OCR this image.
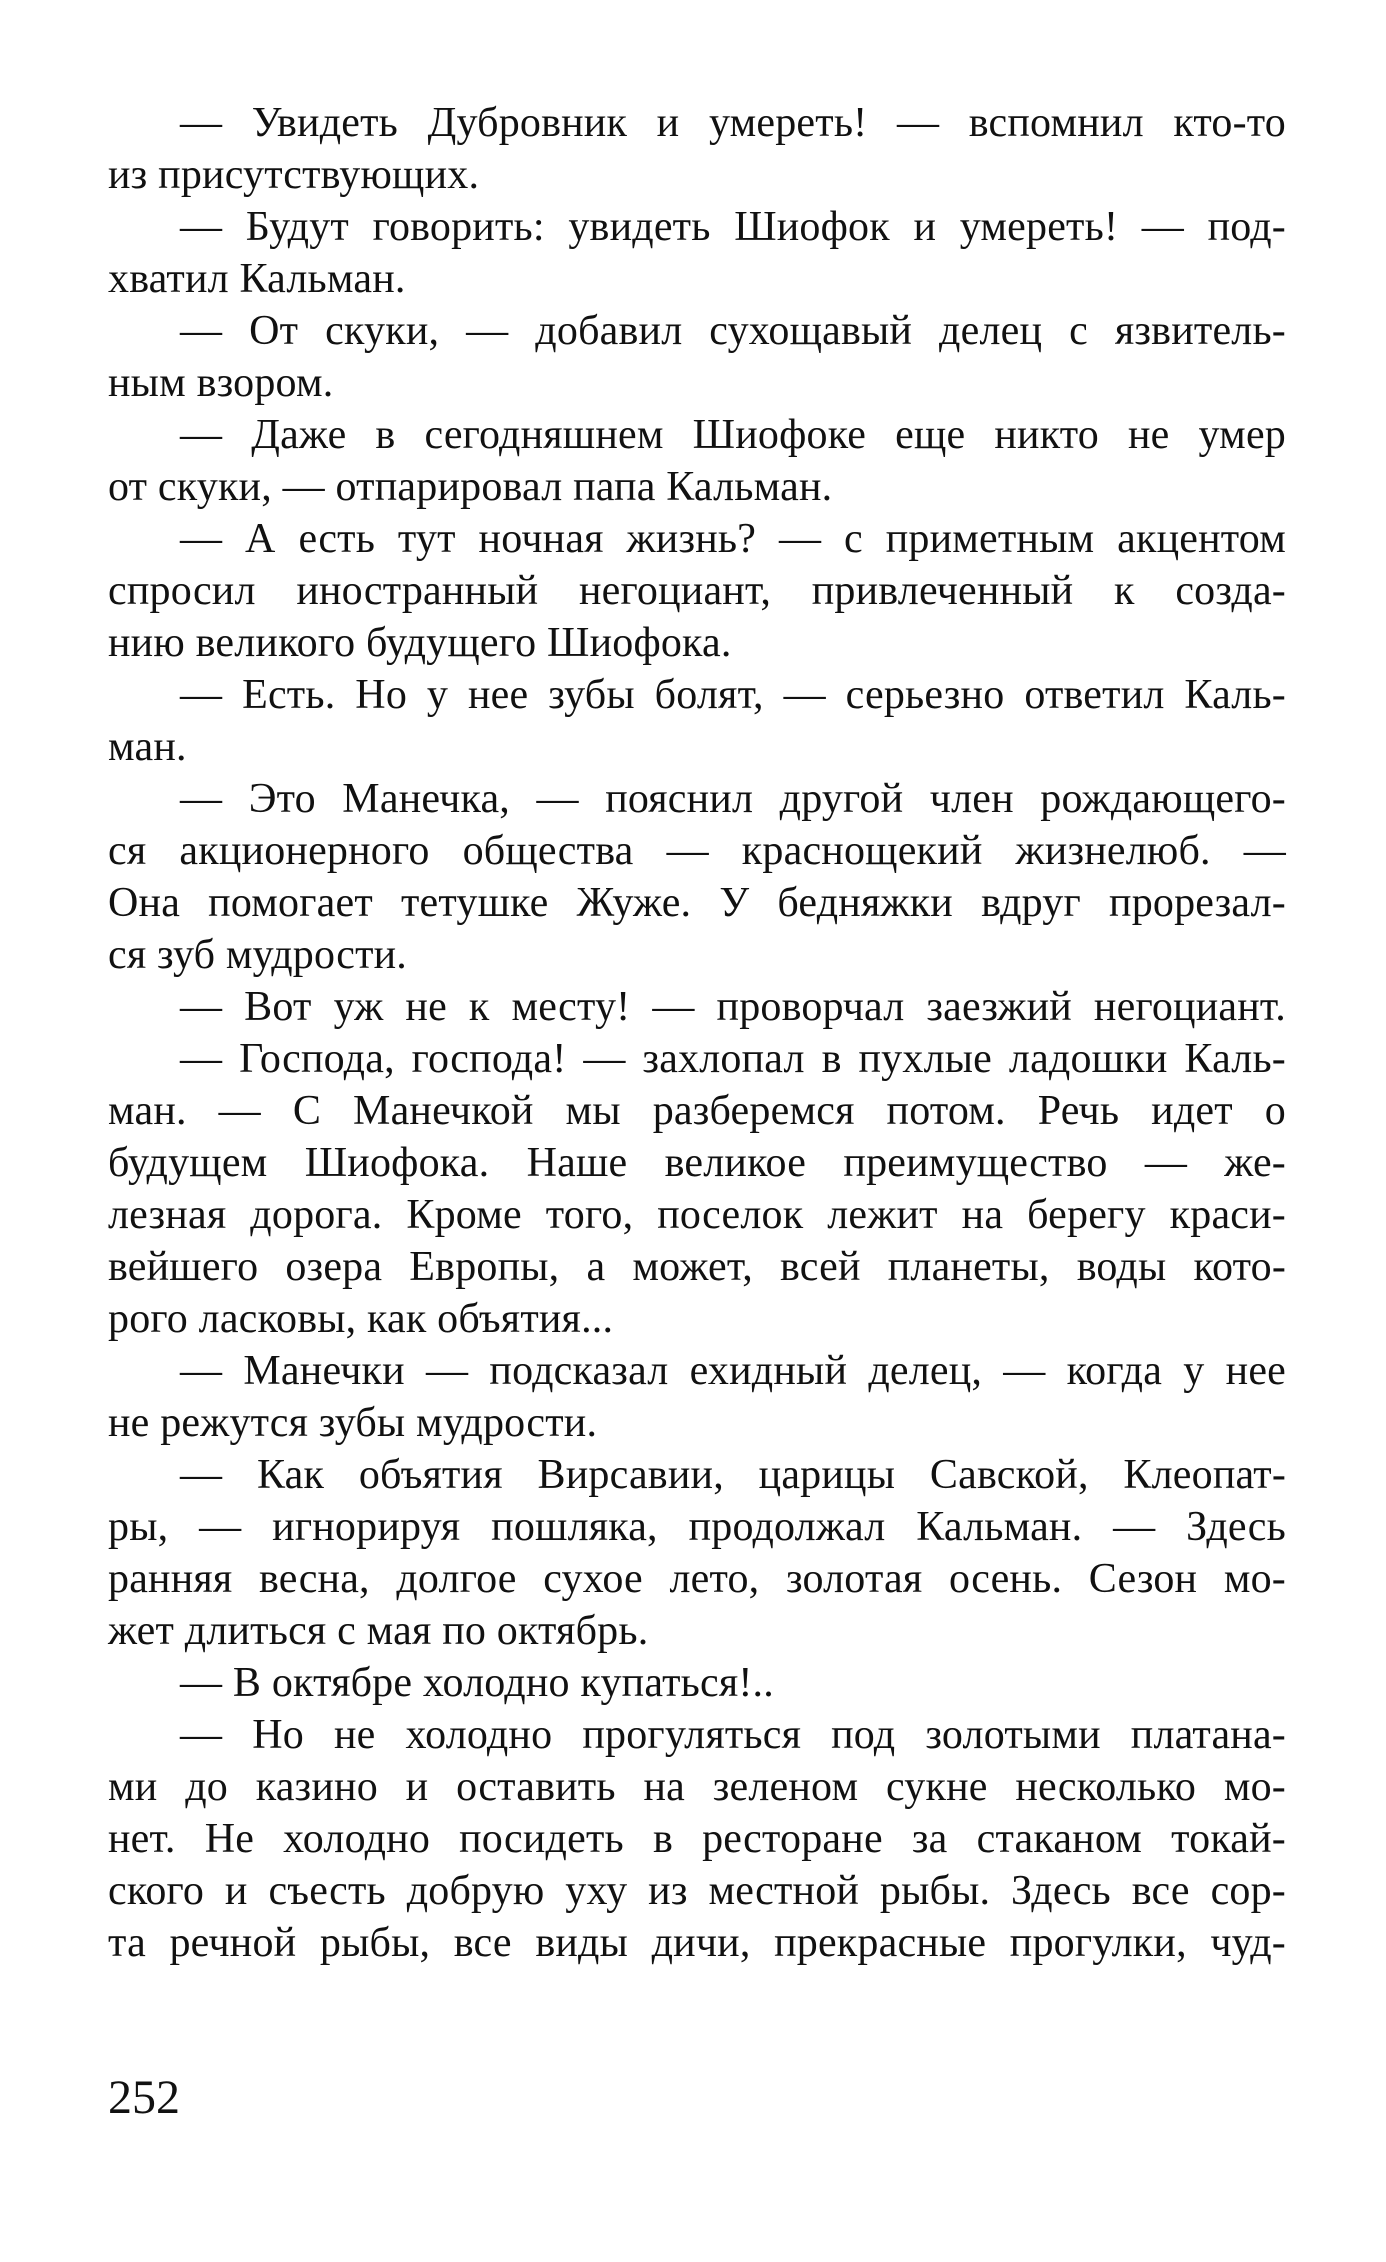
— Увидеть Дубровник и умереть! — вспомнил кто-то
из присутствующих.
— Будут говорить: увидеть Шиофок и умереть! — под-
хватил Кальман.
— От скуки, — добавил сухощавый делец с язвитель-
ным взором.
— Даже в сегодняшнем Шиофоке еще никто не умер
от скуки, — отпарировал папа Кальман.
— А есть тут ночная жизнь? — с приметным акцентом
спросил иностранный негоциант, привлеченный к созда-
нию великого будущего Шиофока.
— Есть. Но у нее зубы болят, — серьезно ответил Каль-
ман.
— Это Манечка, — пояснил другой член рождающего-
ся акционерного общества — краснощекий жизнелюб. —
Она помогает тетушке Жуже. У бедняжки вдруг прорезал-
ся зуб мудрости.
— Вот уж не к месту! — проворчал заезжий негоциант.
— Господа, господа! — захлопал в пухлые ладошки Каль-
ман. — С Манечкой мы разберемся потом. Речь идет о
будущем Шиофока. Наше великое преимущество — же-
лезная дорога. Кроме того, поселок лежит на берегу краси-
вейшего озера Европы, а может, всей планеты, воды кото-
рого ласковы, как объятия...
— Манечки — подсказал ехидный делец, — когда у нее
не режутся зубы мудрости.
— Как объятия Вирсавии, царицы Савской, Клеопат-
ры, — игнорируя пошляка, продолжал Кальман. — Здесь
ранняя весна, долгое сухое лето, золотая осень. Сезон мо-
жет длиться с мая по октябрь.
— В октябре холодно купаться!..
— Но не холодно прогуляться под золотыми платана-
ми до казино и оставить на зеленом сукне несколько мо-
нет. Не холодно посидеть в ресторане за стаканом токай-
ского и съесть добрую уху из местной рыбы. Здесь все сор-
та речной рыбы, все виды дичи, прекрасные прогулки, чуд-
252
